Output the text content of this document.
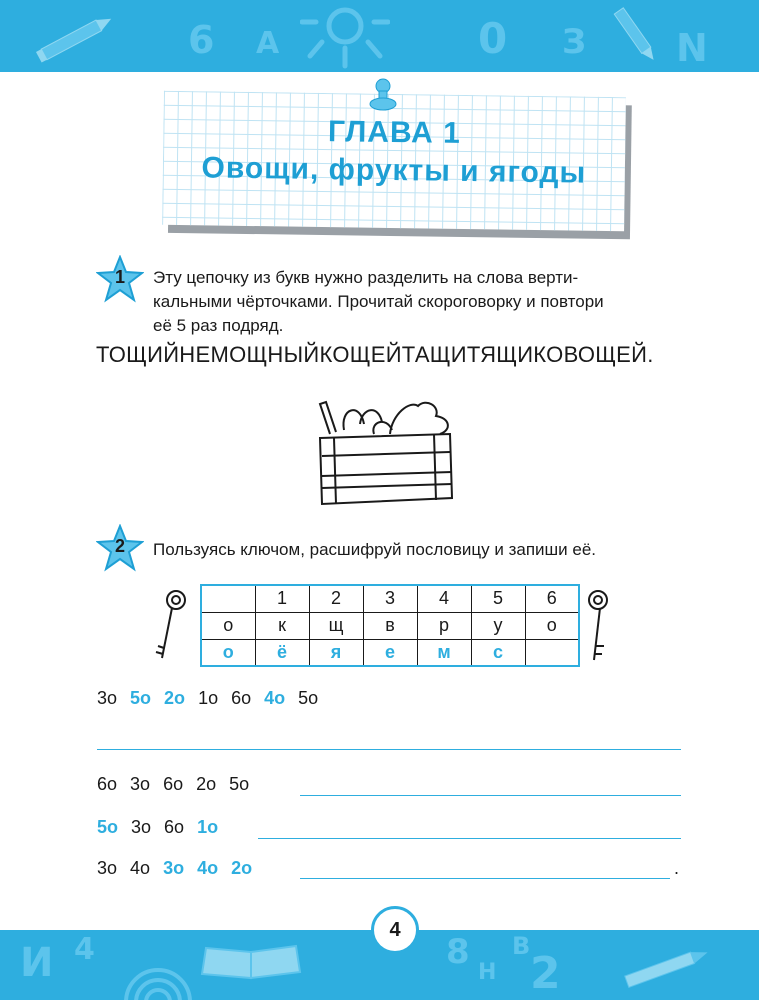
6 А	0 З N
ГЛАВА 1
Овощи, фрукты и ягоды
1	Эту цепочку из букв нужно разделить на слова верти-
кальными чёрточками. Прочитай скороговорку и повтори
её 5 раз подряд.
ТОЩИЙНЕМОЩНЫЙКОЩЕЙТАЩИТЯЩИКОВОЩЕЙ.
2	Пользуясь ключом, расшифруй пословицу и запиши её.
	1	2	3	4	5	6
о	к	щ	в	р	у	о
о	ё	я	е	м	с	
3о 5о 2о 1о 6о 4о 5о
6о 3о 6о 2о 5о
5о 3о 6о 1о
3о 4о 3о 4о 2о	.
И 4	8
Н
В
2
4
